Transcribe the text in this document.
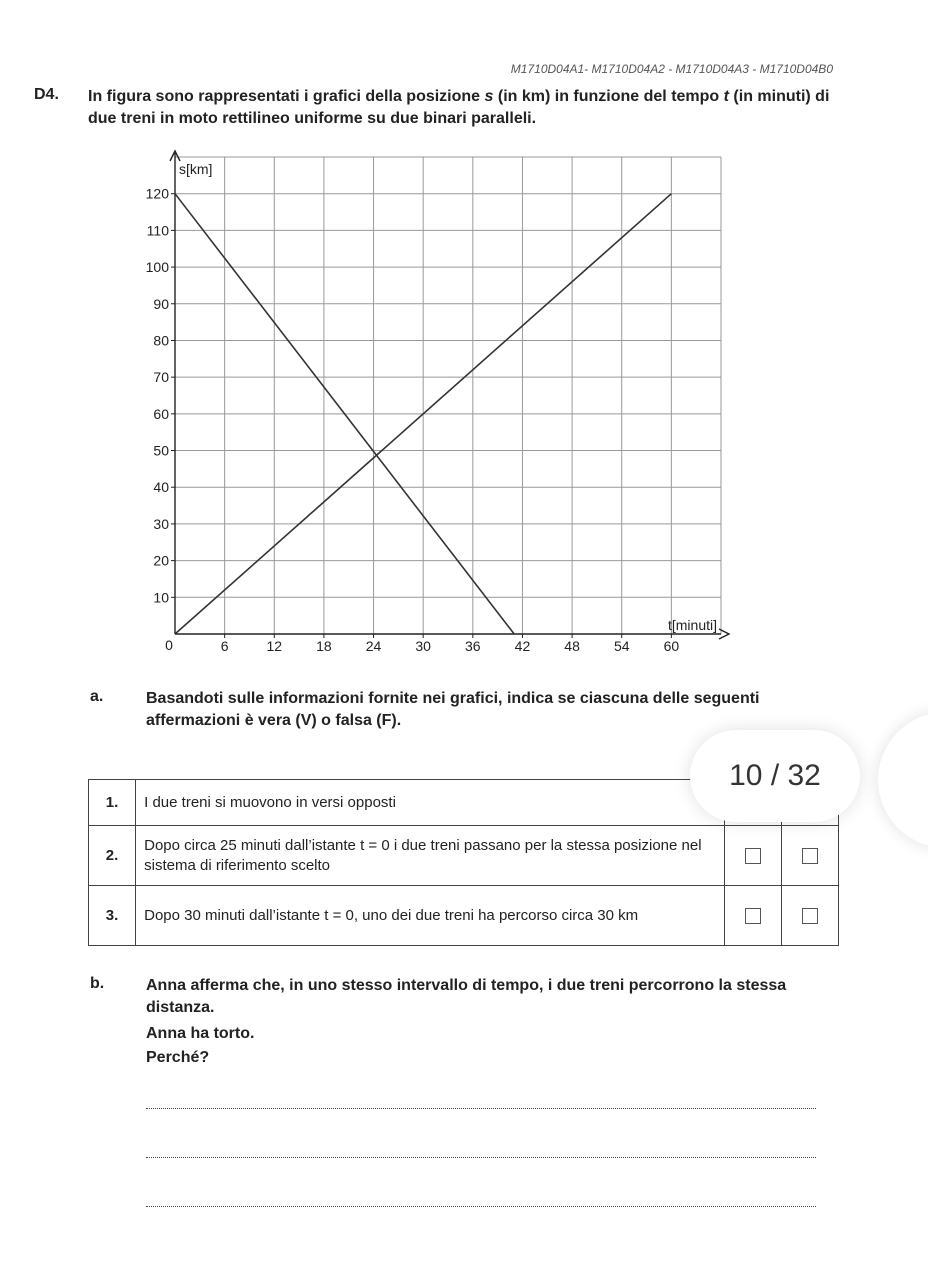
M1710D04A1- M1710D04A2 - M1710D04A3 - M1710D04B0
D4. In figura sono rappresentati i grafici della posizione s (in km) in funzione del tempo t (in minuti) di due treni in moto rettilineo uniforme su due binari paralleli.
10
20
30
40
50
60
70
80
90
100
110
120
6	12 18 24 30 36 42 48 54 60
0
s[km]
t[minuti]
a.	Basandoti sulle informazioni fornite nei grafici, indica se ciascuna delle seguenti affermazioni è vera (V) o falsa (F).
1.	I due treni si muovono in versi opposti		
2.	Dopo circa 25 minuti dall’istante t = 0 i due treni passano per la stessa posizione nel sistema di riferimento scelto		
3.	Dopo 30 minuti dall’istante t = 0, uno dei due treni ha percorso circa 30 km		
10 / 32
b.	Anna afferma che, in uno stesso intervallo di tempo, i due treni percorrono la stessa distanza.
Anna ha torto.
Perché?
